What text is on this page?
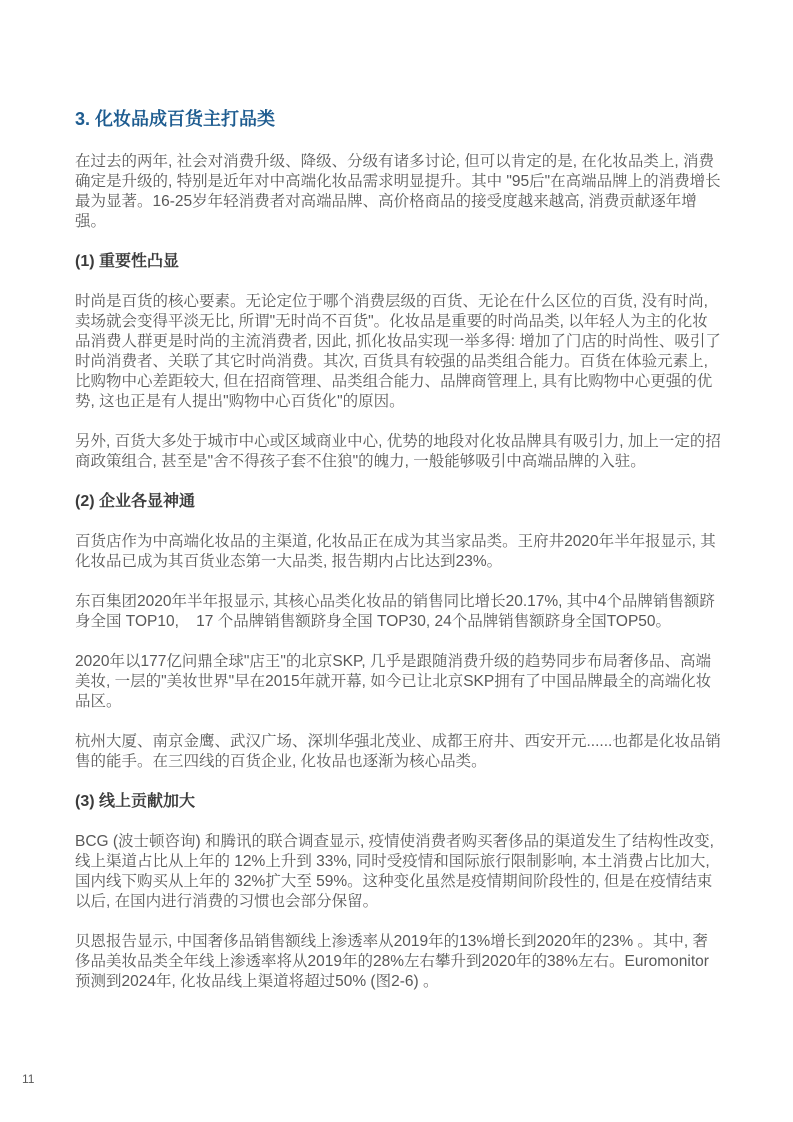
3. 化妆品成百货主打品类

在过去的两年, 社会对消费升级、降级、分级有诸多讨论, 但可以肯定的是, 在化妆品类上, 消费确定是升级的, 特别是近年对中高端化妆品需求明显提升。其中 "95后"在高端品牌上的消费增长最为显著。16-25岁年轻消费者对高端品牌、高价格商品的接受度越来越高, 消费贡献逐年增强。

(1) 重要性凸显

时尚是百货的核心要素。无论定位于哪个消费层级的百货、无论在什么区位的百货, 没有时尚, 卖场就会变得平淡无比, 所谓"无时尚不百货"。化妆品是重要的时尚品类, 以年轻人为主的化妆品消费人群更是时尚的主流消费者, 因此, 抓化妆品实现一举多得: 增加了门店的时尚性、吸引了时尚消费者、关联了其它时尚消费。其次, 百货具有较强的品类组合能力。百货在体验元素上, 比购物中心差距较大, 但在招商管理、品类组合能力、品牌商管理上, 具有比购物中心更强的优势, 这也正是有人提出"购物中心百货化"的原因。

另外, 百货大多处于城市中心或区域商业中心, 优势的地段对化妆品牌具有吸引力, 加上一定的招商政策组合, 甚至是"舍不得孩子套不住狼"的魄力, 一般能够吸引中高端品牌的入驻。

(2) 企业各显神通

百货店作为中高端化妆品的主渠道, 化妆品正在成为其当家品类。王府井2020年半年报显示, 其化妆品已成为其百货业态第一大品类, 报告期内占比达到23%。

东百集团2020年半年报显示, 其核心品类化妆品的销售同比增长20.17%, 其中4个品牌销售额跻身全国 TOP10,    17 个品牌销售额跻身全国 TOP30, 24个品牌销售额跻身全国TOP50。

2020年以177亿问鼎全球"店王"的北京SKP, 几乎是跟随消费升级的趋势同步布局奢侈品、高端美妆, 一层的"美妆世界"早在2015年就开幕, 如今已让北京SKP拥有了中国品牌最全的高端化妆品区。

杭州大厦、南京金鹰、武汉广场、深圳华强北茂业、成都王府井、西安开元......也都是化妆品销售的能手。在三四线的百货企业, 化妆品也逐渐为核心品类。

(3) 线上贡献加大

BCG (波士顿咨询) 和腾讯的联合调查显示, 疫情使消费者购买奢侈品的渠道发生了结构性改变, 线上渠道占比从上年的 12%上升到 33%, 同时受疫情和国际旅行限制影响, 本土消费占比加大, 国内线下购买从上年的 32%扩大至 59%。这种变化虽然是疫情期间阶段性的, 但是在疫情结束以后, 在国内进行消费的习惯也会部分保留。

贝恩报告显示, 中国奢侈品销售额线上渗透率从2019年的13%增长到2020年的23% 。其中, 奢侈品美妆品类全年线上渗透率将从2019年的28%左右攀升到2020年的38%左右。Euromonitor预测到2024年, 化妆品线上渠道将超过50% (图2-6) 。

11
